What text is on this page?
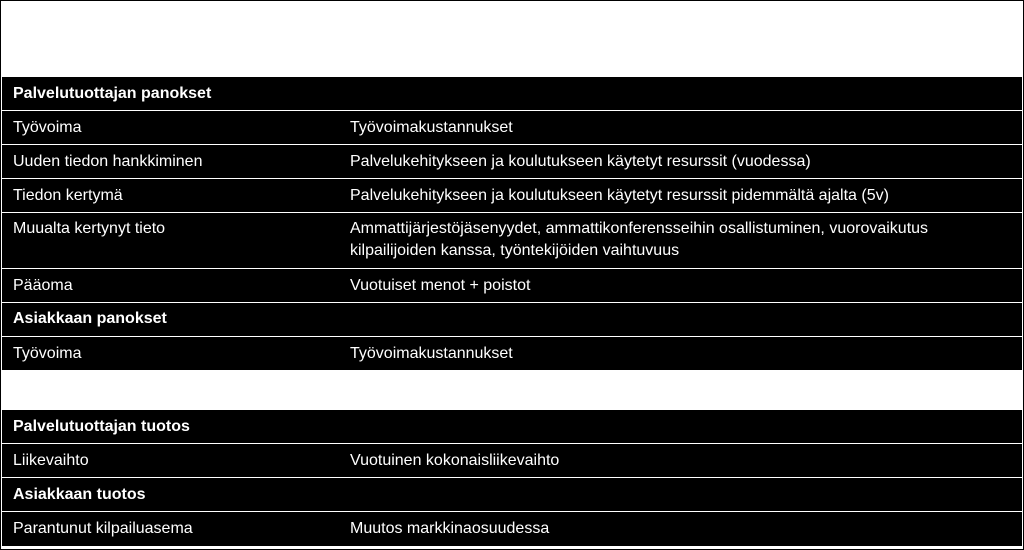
Palvelutuottajan panokset	
Työvoima	Työvoimakustannukset
Uuden tiedon hankkiminen	Palvelukehitykseen ja koulutukseen käytetyt resurssit (vuodessa)
Tiedon kertymä	Palvelukehitykseen ja koulutukseen käytetyt resurssit pidemmältä ajalta (5v)
Muualta kertynyt tieto	Ammattijärjestöjäsenyydet, ammattikonferensseihin osallistuminen, vuorovaikutus kilpailijoiden kanssa, työntekijöiden vaihtuvuus
Pääoma	Vuotuiset menot + poistot
Asiakkaan panokset	
Työvoima	Työvoimakustannukset
Palvelutuottajan tuotos	
Liikevaihto	Vuotuinen kokonaisliikevaihto
Asiakkaan tuotos	
Parantunut kilpailuasema	Muutos markkinaosuudessa
